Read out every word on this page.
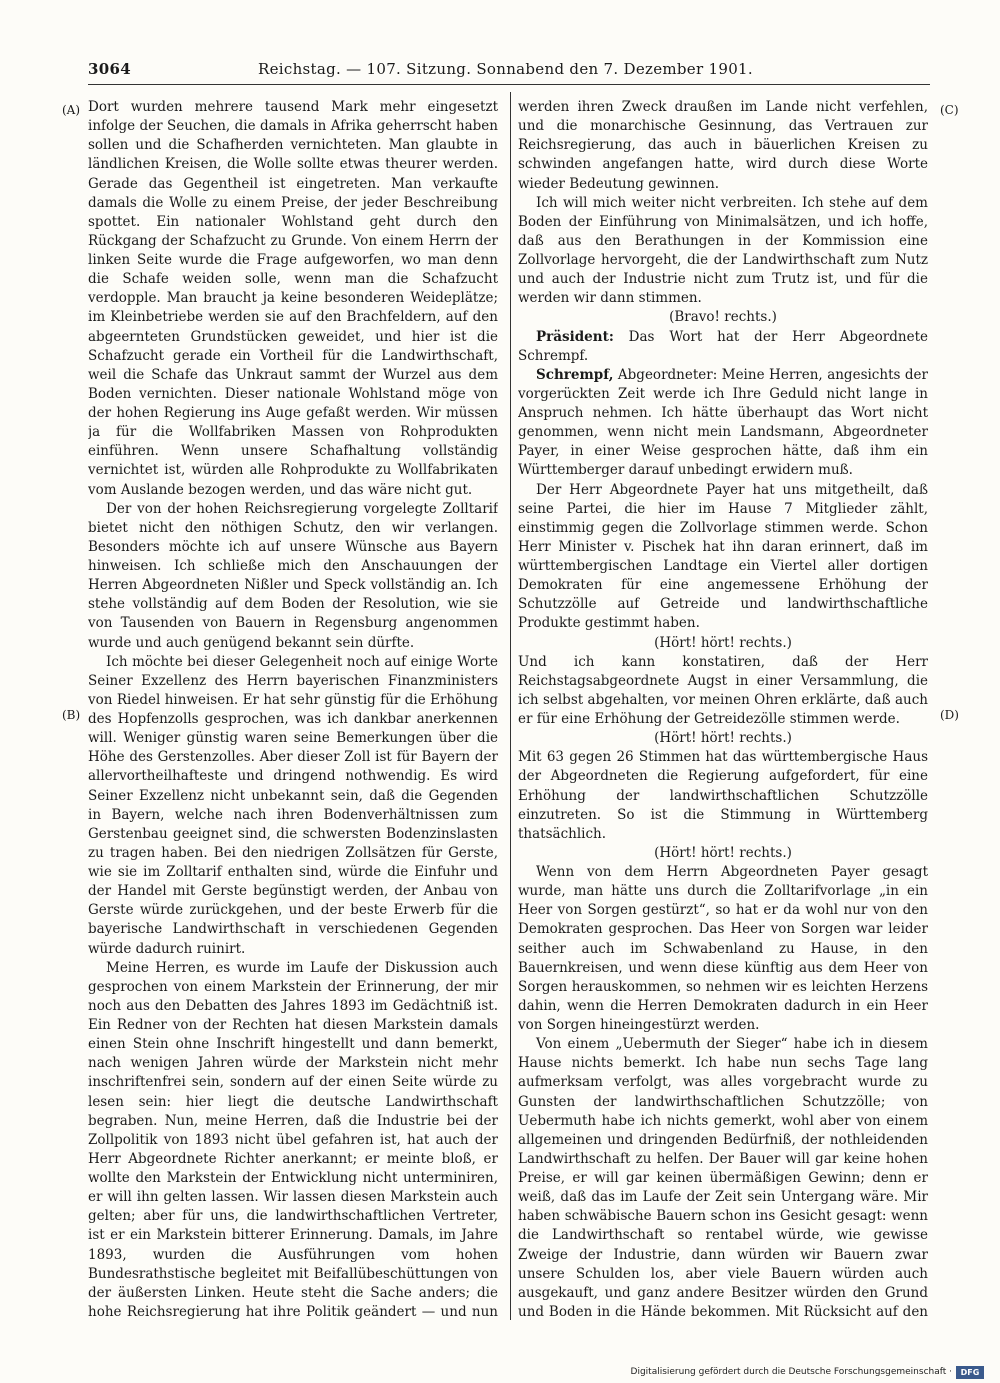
3064	Reichstag. — 107. Sitzung. Sonnabend den 7. Dezember 1901.
(A)
(B)
(C)
(D)

Dort wurden mehrere tausend Mark mehr eingesetzt infolge der Seuchen, die damals in Afrika geherrscht haben sollen und die Schafherden vernichteten. Man glaubte in ländlichen Kreisen, die Wolle sollte etwas theurer werden. Gerade das Gegentheil ist eingetreten. Man verkaufte damals die Wolle zu einem Preise, der jeder Beschreibung spottet. Ein nationaler Wohlstand geht durch den Rückgang der Schafzucht zu Grunde. Von einem Herrn der linken Seite wurde die Frage aufgeworfen, wo man denn die Schafe weiden solle, wenn man die Schafzucht verdopple. Man braucht ja keine besonderen Weideplätze; im Kleinbetriebe werden sie auf den Brachfeldern, auf den abgeernteten Grundstücken geweidet, und hier ist die Schafzucht gerade ein Vortheil für die Landwirthschaft, weil die Schafe das Unkraut sammt der Wurzel aus dem Boden vernichten. Dieser nationale Wohlstand möge von der hohen Regierung ins Auge gefaßt werden. Wir müssen ja für die Wollfabriken Massen von Rohprodukten einführen. Wenn unsere Schafhaltung vollständig vernichtet ist, würden alle Rohprodukte zu Wollfabrikaten vom Auslande bezogen werden, und das wäre nicht gut.

Der von der hohen Reichsregierung vorgelegte Zolltarif bietet nicht den nöthigen Schutz, den wir verlangen. Besonders möchte ich auf unsere Wünsche aus Bayern hinweisen. Ich schließe mich den Anschauungen der Herren Abgeordneten Nißler und Speck vollständig an. Ich stehe vollständig auf dem Boden der Resolution, wie sie von Tausenden von Bauern in Regensburg angenommen wurde und auch genügend bekannt sein dürfte.

Ich möchte bei dieser Gelegenheit noch auf einige Worte Seiner Exzellenz des Herrn bayerischen Finanzministers von Riedel hinweisen. Er hat sehr günstig für die Erhöhung des Hopfenzolls gesprochen, was ich dankbar anerkennen will. Weniger günstig waren seine Bemerkungen über die Höhe des Gerstenzolles. Aber dieser Zoll ist für Bayern der allervortheilhafteste und dringend nothwendig. Es wird Seiner Exzellenz nicht unbekannt sein, daß die Gegenden in Bayern, welche nach ihren Bodenverhältnissen zum Gerstenbau geeignet sind, die schwersten Bodenzinslasten zu tragen haben. Bei den niedrigen Zollsätzen für Gerste, wie sie im Zolltarif enthalten sind, würde die Einfuhr und der Handel mit Gerste begünstigt werden, der Anbau von Gerste würde zurückgehen, und der beste Erwerb für die bayerische Landwirthschaft in verschiedenen Gegenden würde dadurch ruinirt.

Meine Herren, es wurde im Laufe der Diskussion auch gesprochen von einem Markstein der Erinnerung, der mir noch aus den Debatten des Jahres 1893 im Gedächtniß ist. Ein Redner von der Rechten hat diesen Markstein damals einen Stein ohne Inschrift hingestellt und dann bemerkt, nach wenigen Jahren würde der Markstein nicht mehr inschriftenfrei sein, sondern auf der einen Seite würde zu lesen sein: hier liegt die deutsche Landwirthschaft begraben. Nun, meine Herren, daß die Industrie bei der Zollpolitik von 1893 nicht übel gefahren ist, hat auch der Herr Abgeordnete Richter anerkannt; er meinte bloß, er wollte den Markstein der Entwicklung nicht unterminiren, er will ihn gelten lassen. Wir lassen diesen Markstein auch gelten; aber für uns, die landwirthschaftlichen Vertreter, ist er ein Markstein bitterer Erinnerung. Damals, im Jahre 1893, wurden die Ausführungen vom hohen Bundesrathstische begleitet mit Beifallübeschüttungen von der äußersten Linken. Heute steht die Sache anders; die hohe Reichsregierung hat ihre Politik geändert — und nun

werden ihren Zweck draußen im Lande nicht verfehlen, und die monarchische Gesinnung, das Vertrauen zur Reichsregierung, das auch in bäuerlichen Kreisen zu schwinden angefangen hatte, wird durch diese Worte wieder Bedeutung gewinnen.

Ich will mich weiter nicht verbreiten. Ich stehe auf dem Boden der Einführung von Minimalsätzen, und ich hoffe, daß aus den Berathungen in der Kommission eine Zollvorlage hervorgeht, die der Landwirthschaft zum Nutz und auch der Industrie nicht zum Trutz ist, und für die werden wir dann stimmen.

(Bravo! rechts.)

Präsident: Das Wort hat der Herr Abgeordnete Schrempf.

Schrempf, Abgeordneter: Meine Herren, angesichts der vorgerückten Zeit werde ich Ihre Geduld nicht lange in Anspruch nehmen. Ich hätte überhaupt das Wort nicht genommen, wenn nicht mein Landsmann, Abgeordneter Payer, in einer Weise gesprochen hätte, daß ihm ein Württemberger darauf unbedingt erwidern muß.

Der Herr Abgeordnete Payer hat uns mitgetheilt, daß seine Partei, die hier im Hause 7 Mitglieder zählt, einstimmig gegen die Zollvorlage stimmen werde. Schon Herr Minister v. Pischek hat ihn daran erinnert, daß im württembergischen Landtage ein Viertel aller dortigen Demokraten für eine angemessene Erhöhung der Schutzzölle auf Getreide und landwirthschaftliche Produkte gestimmt haben.

(Hört! hört! rechts.)

Und ich kann konstatiren, daß der Herr Reichstagsabgeordnete Augst in einer Versammlung, die ich selbst abgehalten, vor meinen Ohren erklärte, daß auch er für eine Erhöhung der Getreidezölle stimmen werde.

(Hört! hört! rechts.)

Mit 63 gegen 26 Stimmen hat das württembergische Haus der Abgeordneten die Regierung aufgefordert, für eine Erhöhung der landwirthschaftlichen Schutzzölle einzutreten. So ist die Stimmung in Württemberg thatsächlich.

(Hört! hört! rechts.)

Wenn von dem Herrn Abgeordneten Payer gesagt wurde, man hätte uns durch die Zolltarifvorlage „in ein Heer von Sorgen gestürzt“, so hat er da wohl nur von den Demokraten gesprochen. Das Heer von Sorgen war leider seither auch im Schwabenland zu Hause, in den Bauernkreisen, und wenn diese künftig aus dem Heer von Sorgen herauskommen, so nehmen wir es leichten Herzens dahin, wenn die Herren Demokraten dadurch in ein Heer von Sorgen hineingestürzt werden.

Von einem „Uebermuth der Sieger“ habe ich in diesem Hause nichts bemerkt. Ich habe nun sechs Tage lang aufmerksam verfolgt, was alles vorgebracht wurde zu Gunsten der landwirthschaftlichen Schutzzölle; von Uebermuth habe ich nichts gemerkt, wohl aber von einem allgemeinen und dringenden Bedürfniß, der nothleidenden Landwirthschaft zu helfen. Der Bauer will gar keine hohen Preise, er will gar keinen übermäßigen Gewinn; denn er weiß, daß das im Laufe der Zeit sein Untergang wäre. Mir haben schwäbische Bauern schon ins Gesicht gesagt: wenn die Landwirthschaft so rentabel würde, wie gewisse Zweige der Industrie, dann würden wir Bauern zwar unsere Schulden los, aber viele Bauern würden auch ausgekauft, und ganz andere Besitzer würden den Grund und Boden in die Hände bekommen. Mit Rücksicht auf den

Digitalisierung gefördert durch die Deutsche Forschungsgemeinschaft ·	DFG
